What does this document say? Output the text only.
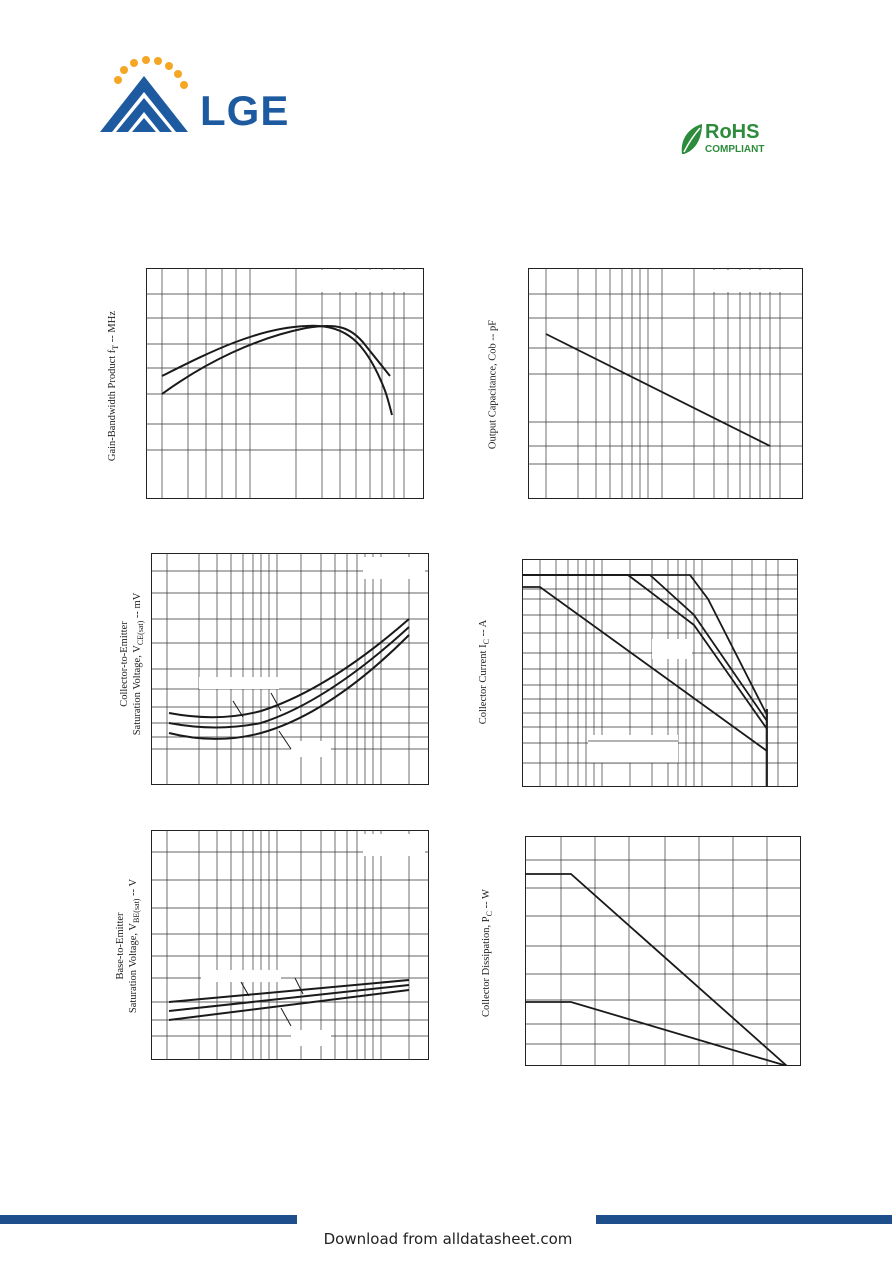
LGE	RoHS
COMPLIANT
Gain-Bandwidth Product $f_T$ -- MHz	Output Capacitance, Cob -- pF
Collector-to-Emitter Saturation Voltage, $V_{CE(sat)}$ -- mV
Collector Current $I_C$ -- A
Base-to-Emitter Saturation Voltage, $V_{BE(sat)}$ -- V
Collector Dissipation, $P_C$ -- W
Download from alldatasheet.com
